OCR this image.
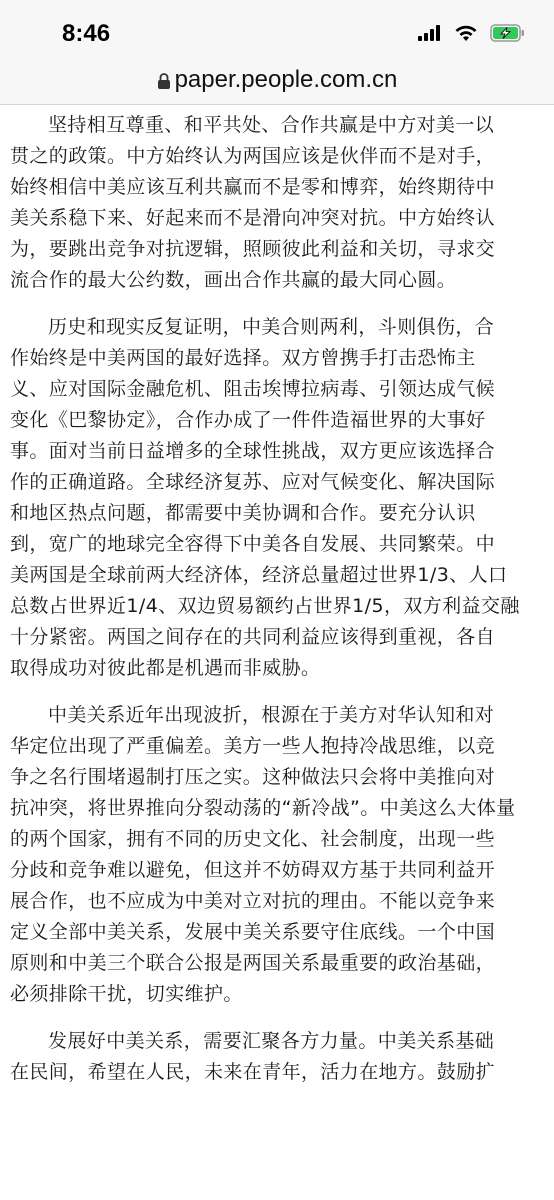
8:46
paper.people.com.cn

坚持相互尊重、和平共处、合作共赢是中方对美一以
贯之的政策。中方始终认为两国应该是伙伴而不是对手，
始终相信中美应该互利共赢而不是零和博弈，始终期待中
美关系稳下来、好起来而不是滑向冲突对抗。中方始终认
为，要跳出竞争对抗逻辑，照顾彼此利益和关切，寻求交
流合作的最大公约数，画出合作共赢的最大同心圆。

历史和现实反复证明，中美合则两利，斗则俱伤，合
作始终是中美两国的最好选择。双方曾携手打击恐怖主
义、应对国际金融危机、阻击埃博拉病毒、引领达成气候
变化《巴黎协定》，合作办成了一件件造福世界的大事好
事。面对当前日益增多的全球性挑战，双方更应该选择合
作的正确道路。全球经济复苏、应对气候变化、解决国际
和地区热点问题，都需要中美协调和合作。要充分认识
到，宽广的地球完全容得下中美各自发展、共同繁荣。中
美两国是全球前两大经济体，经济总量超过世界1/3、人口
总数占世界近1/4、双边贸易额约占世界1/5，双方利益交融
十分紧密。两国之间存在的共同利益应该得到重视，各自
取得成功对彼此都是机遇而非威胁。

中美关系近年出现波折，根源在于美方对华认知和对
华定位出现了严重偏差。美方一些人抱持冷战思维，以竞
争之名行围堵遏制打压之实。这种做法只会将中美推向对
抗冲突，将世界推向分裂动荡的“新冷战”。中美这么大体量
的两个国家，拥有不同的历史文化、社会制度，出现一些
分歧和竞争难以避免，但这并不妨碍双方基于共同利益开
展合作，也不应成为中美对立对抗的理由。不能以竞争来
定义全部中美关系，发展中美关系要守住底线。一个中国
原则和中美三个联合公报是两国关系最重要的政治基础，
必须排除干扰，切实维护。

发展好中美关系，需要汇聚各方力量。中美关系基础
在民间，希望在人民，未来在青年，活力在地方。鼓励扩
